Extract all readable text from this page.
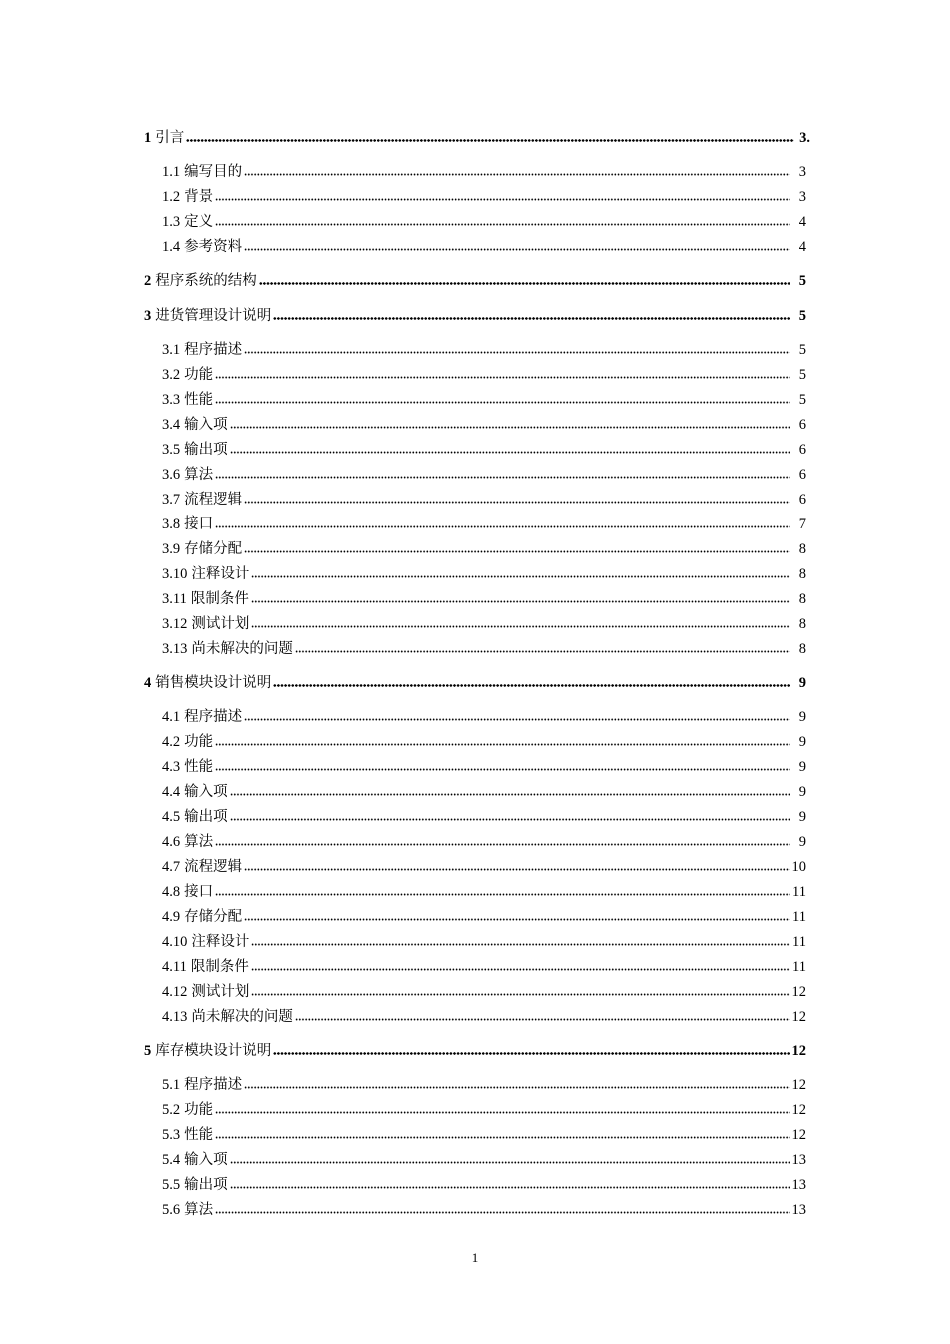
1 引言	3.
1.1 编写目的	3
1.2 背景	3
1.3 定义	4
1.4 参考资料	4
2 程序系统的结构	5
3 进货管理设计说明	5
3.1 程序描述	5
3.2 功能	5
3.3 性能	5
3.4 输入项	6
3.5 输出项	6
3.6 算法	6
3.7 流程逻辑	6
3.8 接口	7
3.9 存储分配	8
3.10 注释设计	8
3.11 限制条件	8
3.12 测试计划	8
3.13 尚未解决的问题	8
4 销售模块设计说明	9
4.1 程序描述	9
4.2 功能	9
4.3 性能	9
4.4 输入项	9
4.5 输出项	9
4.6 算法	9
4.7 流程逻辑	10
4.8 接口	11
4.9 存储分配	11
4.10 注释设计	11
4.11 限制条件	11
4.12 测试计划	12
4.13 尚未解决的问题	12
5 库存模块设计说明	12
5.1 程序描述	12
5.2 功能	12
5.3 性能	12
5.4 输入项	13
5.5 输出项	13
5.6 算法	13
1
